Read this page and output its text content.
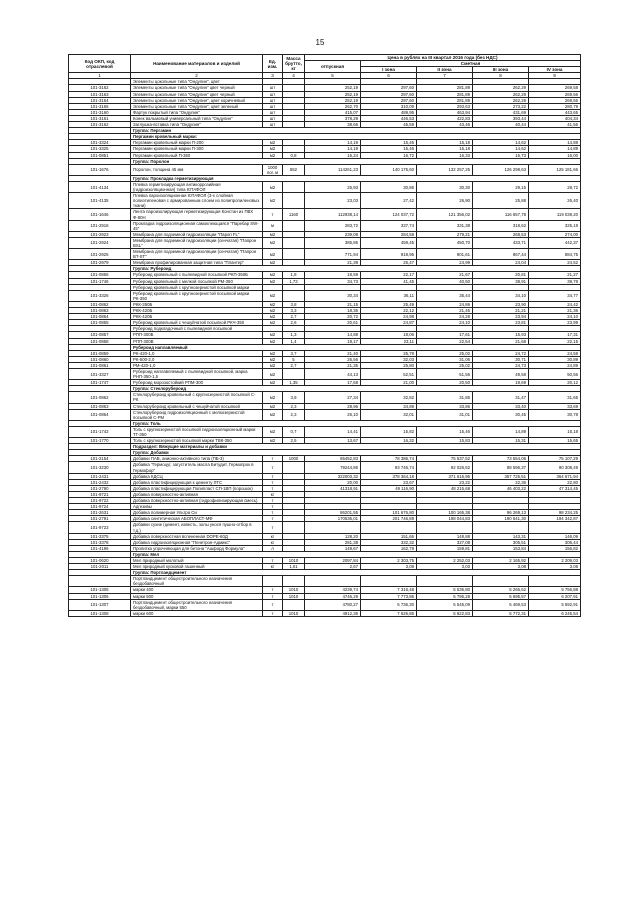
15
Код ОКП, код отраслевой	Наименование материалов и изделий	Ед. изм.	Масса брутто, кг	Цена в рублях на III квартал 2016 года (без НДС)				
				отпускная	Сметная			
					I зона	II зона	III зона	IV зона
1	2	3	4	5	6	7	8	9
	Элементы цокольные типа "Ондулин", цвет							
101-3162	Элементы цокольные типа "Ондулин" цвет черный	шт		252,19	297,60	281,89	262,29	269,58
101-3163	Элементы цокольные типа "Ондулин" цвет черный	шт		252,19	297,60	281,89	262,29	269,56
101-3164	Элементы цокольные типа "Ондулин", цвет коричневый	шт		252,19	297,60	281,89	262,29	269,56
101-3165	Элементы цокольные типа "Ондулин", цвет зеленый	шт		262,70	310,09	293,63	273,22	280,79
101-3160	Фартук покрытый типа "Ондулин"	шт		415,07	489,95	463,94	431,69	443,65
101-3161	Конек вальмовый универсальный типа "Ондулин"	шт		378,29	446,53	422,83	393,44	404,34
101-3162	Заглушка-вставка типа "Ондулин"	шт		38,66	45,59	43,46	40,44	41,56
	Группа: Пергамин							
	Пергамин кровельный марки:							
101-3324	Пергамин кровельный марки П-200	м2		14,19	15,46	15,18	14,62	14,88
101-3325	Пергамин кровельный марки П-300	м2		14,19	15,46	15,18	14,62	14,89
101-0851	Пергамин кровельный П-350	м2	0,8	15,24	16,72	16,33	15,73	16,00
	Группа: Поролон							
101-1676	Поролон, толщина 45 мм	1000 пог. м	552	114261,23	140 175,60	132 257,25	126 298,63	125 181,66
	Группа: Прокладка герметизирующая							
101-4134	Плевка герметизирующая антикоррозийная (гидроизоляционная) типа ЮТАФОЛ	м2		25,93	30,86	30,30	29,15	28,72
101-4135	Плевка пароизоляционная ЮТАФОЛ (3-х слойная полиэтиленовая с армированным слоем из полипропиленовых ткани)	м2		23,03	27,42	26,90	25,88	26,40
101-1646	Лента пароизолирующая герметизирующая Констан из ПВХ Ф-80Н	т	1160	112938,14	124 037,72	121 356,02	116 657,78	119 039,20
101-2916	Прокладка гидроизоляционная самоклеющаяся "Паребар SW-45"	м		283,72	337,74	331,38	318,62	325,18
101-2923	Мембрана для подземной гидроизоляции "Пароп FL"	м2		239,08	284,58	279,21	268,53	274,00
101-2924	Мембрана для подземной гидроизоляции (сенчатая) "Папрон BSL"	м2		385,86	459,45	450,70	433,71	442,37
101-2925	Мембрана для подземной гидроизоляции (сенчатая) "Папрон BT-ST"	м2		771,94	918,95	901,61	867,44	884,75
101-2979	Мембрана профилированная защитная типа "Плантер"	м2		21,39	25,47	24,99	24,04	24,52
	Группа: Рубероид							
101-0856	Рубероид кровельный с пылевидной посыпкой РКП-350Б	м2	1,8	18,59	22,17	21,67	20,81	21,27
101-1746	Рубероид кровельный с мелкой посыпкой РМ-350	м2	1,73	34,73	41,45	40,50	38,91	39,78
	Рубероид кровельный с крупнозернистой посыпкой марки							
101-3326	Рубероид кровельный с крупнозернистой посыпкой марки РК-350	м2		30,34	36,11	35,44	34,10	34,77
101-0862	РКК-350Б	м2	3,8	21,15	25,49	24,86	23,90	24,42
101-0863	РКК-420Б	м2	3,3	18,36	22,12	21,45	21,21	21,36
101-0864	РКК-420Б	м2	2,7	20,72	24,98	24,28	23,94	24,10
101-0855	Рубероид кровельный с чешуйчатой посыпкой РКЧ-350	м2	2,6	20,61	24,87	24,10	23,81	23,99
	Рубероид подкладочный с пылевидной посыпкой							
101-0857	РПП-300Б	м2	1,3	14,88	18,06	17,61	15,93	17,31
101-0858	РПП-300В	м2	1,4	19,17	23,11	22,54	21,68	22,15
	Рубероид наплавляемый							
101-0859	РК-420-1,0	м2	3,7	21,40	25,78	25,02	24,72	24,58
101-0860	РК-500-2,0	м2	5	26,56	32,03	31,06	30,71	30,89
101-0861	РМ-420-1,0	м2	2,7	21,35	25,80	25,02	24,73	24,89
101-3327	Рубероид наплавляемый с пылевидной посыпкой, марка РНП-350-1,5	м2		44,13	52,51	51,55	49,58	50,56
101-1747	Рубероид морозостойкий РПМ-300	м2	1,35	17,68	21,00	20,50	19,69	20,12
	Группа: Стеклорубероид							
101-0862	Стеклорубероид кровельный с крупнозернистой посыпкой С-РК	м2	3,9	27,34	32,82	31,85	31,47	31,65
101-0863	Стеклорубероид кровельный с чешуйчатой посыпкой	м2	2,3	28,96	34,89	33,86	33,40	33,69
101-0864	Стеклорубероид гидроизоляционный с мелкозернистой посыпкой С-РМ	м2	2,3	26,10	32,01	31,01	30,45	30,78
	Группа: Толь							
101-1742	Толь с крупнозернистой посыпкой гидроизоляционный марки ТГ-350	м2	0,7	14,41	15,82	15,46	14,89	15,18
101-1770	Толь с крупнозернистой посыпкой марки ТВК-350	м2	2,5	13,67	16,32	15,83	15,31	15,65
	Подраздел: Вяжущие материалы и добавки							
	Группа: Добавки							
101-2154	Добавки ПАВ, анионно-активного типа (ПБ-3)	т	1000	65452,83	78 386,74	75 537,52	73 554,06	75 107,29
101-3230	Добавка "Гермоцуг, загуститель масла Битудит, Гермопрок в Гермофор"	т		79244,86	93 746,74	92 026,62	88 596,37	90 308,49
101-2431	Добавка КДСЦ	т		322003,32	378 364,18	371 616,96	357 725,51	364 671,94
101-2432	Добавка пластифицирующая к цементу ЛТС	т		20,00	23,67	23,22	22,36	22,80
101-2790	Добавка пластифицирующая Полипласт СП-1ВП (порошок)	т		41318,91	49 116,90	48 215,68	46 403,22	47 314,45
101-9721	Добавка поверхностно-активная	кг						
101-9722	Добавка поверхностно-активная (гидрофилизирующая смесь)	т						
101-9724	Адгезивы	т						
101-2631	Добавка полимерная Ультра Си	т		86201,55	101 676,80	100 165,38	96 269,13	98 234,25
101-2791	Добавка синтетическая АБОПЛАСТ-МФ	т		170536,01	201 746,89	198 044,83	190 641,30	194 342,87
101-9723	Добавки сухие (цемент, известь, золы унося пушно-отбор в т.д.)	т						
101-3375	Добавка поверхностная вспененная DOPE-60Д	кг		128,20	151,66	148,88	143,31	146,09
101-3378	Добавка гидроизоляционная "Пенетрон-Адмикс"	кг		281,38	332,32	327,08	305,51	306,44
101-4196	Пропитка упрочняющая для бетона "Ашфорд Формула"	л		149,67	162,79	159,81	153,84	156,82
	Группа: Мел							
101-0620	Мел природный молотый	т	1010	2097,84	2 303,75	2 252,03	2 165,92	2 209,03
101-2011	Мел природный кусковой гашенный	кг	1,01	2,67	3,08	3,03	3,08	3,08
	Группа: Портландцемент							
	Портландцемент общестроительного назначения бездобавочный							
101-1305	марки 400	т	1010	4239,74	7 316,48	5 536,80	5 266,62	5 756,88
101-1306	марки 500	т	1010	4746,29	7 773,86	5 795,28	5 695,57	6 207,91
101-1307	Портландцемент общестроительного назначения бездобавочный, марки 550	т		4780,27	5 736,30	5 545,09	5 469,53	5 592,91
101-1308	марки 600	т	1010	4912,36	7 626,85	5 822,83	5 772,31	6 245,54
